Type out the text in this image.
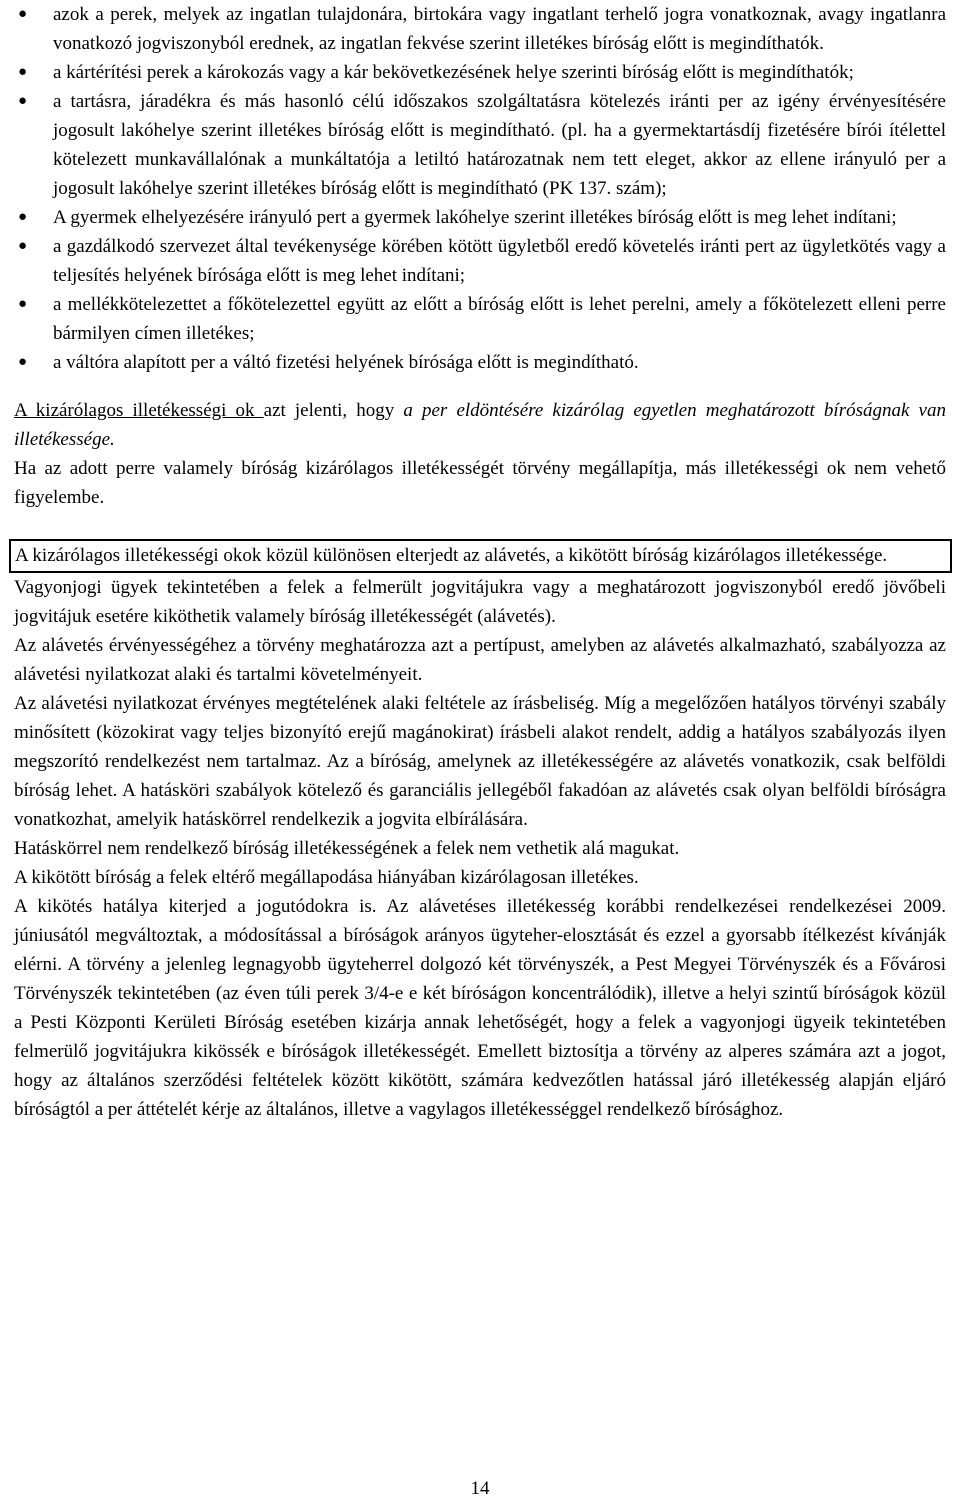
● azok a perek, melyek az ingatlan tulajdonára, birtokára vagy ingatlant terhelő jogra vonatkoznak, avagy ingatlanra vonatkozó jogviszonyból erednek, az ingatlan fekvése szerint illetékes bíróság előtt is megindíthatók.
● a kártérítési perek a károkozás vagy a kár bekövetkezésének helye szerinti bíróság előtt is megindíthatók;
● a tartásra, járadékra és más hasonló célú időszakos szolgáltatásra kötelezés iránti per az igény érvényesítésére jogosult lakóhelye szerint illetékes bíróság előtt is megindítható. (pl. ha a gyermektartásdíj fizetésére bírói ítélettel kötelezett munkavállalónak a munkáltatója a letiltó határozatnak nem tett eleget, akkor az ellene irányuló per a jogosult lakóhelye szerint illetékes bíróság előtt is megindítható (PK 137. szám);
● A gyermek elhelyezésére irányuló pert a gyermek lakóhelye szerint illetékes bíróság előtt is meg lehet indítani;
● a gazdálkodó szervezet által tevékenysége körében kötött ügyletből eredő követelés iránti pert az ügyletkötés vagy a teljesítés helyének bírósága előtt is meg lehet indítani;
● a mellékkötelezettet a főkötelezettel együtt az előtt a bíróság előtt is lehet perelni, amely a főkötelezett elleni perre bármilyen címen illetékes;
● a váltóra alapított per a váltó fizetési helyének bírósága előtt is megindítható.

A kizárólagos illetékességi ok azt jelenti, hogy a per eldöntésére kizárólag egyetlen meghatározott bíróságnak van illetékessége.

Ha az adott perre valamely bíróság kizárólagos illetékességét törvény megállapítja, más illetékességi ok nem vehető figyelembe.

A kizárólagos illetékességi okok közül különösen elterjedt az alávetés, a kikötött bíróság kizárólagos illetékessége.

Vagyonjogi ügyek tekintetében a felek a felmerült jogvitájukra vagy a meghatározott jogviszonyból eredő jövőbeli jogvitájuk esetére kiköthetik valamely bíróság illetékességét (alávetés).

Az alávetés érvényességéhez a törvény meghatározza azt a pertípust, amelyben az alávetés alkalmazható, szabályozza az alávetési nyilatkozat alaki és tartalmi követelményeit.

Az alávetési nyilatkozat érvényes megtételének alaki feltétele az írásbeliség. Míg a megelőzően hatályos törvényi szabály minősített (közokirat vagy teljes bizonyító erejű magánokirat) írásbeli alakot rendelt, addig a hatályos szabályozás ilyen megszorító rendelkezést nem tartalmaz. Az a bíróság, amelynek az illetékességére az alávetés vonatkozik, csak belföldi bíróság lehet. A hatásköri szabályok kötelező és garanciális jellegéből fakadóan az alávetés csak olyan belföldi bíróságra vonatkozhat, amelyik hatáskörrel rendelkezik a jogvita elbírálására.

Hatáskörrel nem rendelkező bíróság illetékességének a felek nem vethetik alá magukat.

A kikötött bíróság a felek eltérő megállapodása hiányában kizárólagosan illetékes.

A kikötés hatálya kiterjed a jogutódokra is. Az alávetéses illetékesség korábbi rendelkezései rendelkezései 2009. júniusától megváltoztak, a módosítással a bíróságok arányos ügyteher-elosztását és ezzel a gyorsabb ítélkezést kívánják elérni. A törvény a jelenleg legnagyobb ügyteherrel dolgozó két törvényszék, a Pest Megyei Törvényszék és a Fővárosi Törvényszék tekintetében (az éven túli perek 3/4-e e két bíróságon koncentrálódik), illetve a helyi szintű bíróságok közül a Pesti Központi Kerületi Bíróság esetében kizárja annak lehetőségét, hogy a felek a vagyonjogi ügyeik tekintetében felmerülő jogvitájukra kikössék e bíróságok illetékességét. Emellett biztosítja a törvény az alperes számára azt a jogot, hogy az általános szerződési feltételek között kikötött, számára kedvezőtlen hatással járó illetékesség alapján eljáró bíróságtól a per áttételét kérje az általános, illetve a vagylagos illetékességgel rendelkező bírósághoz.

14
